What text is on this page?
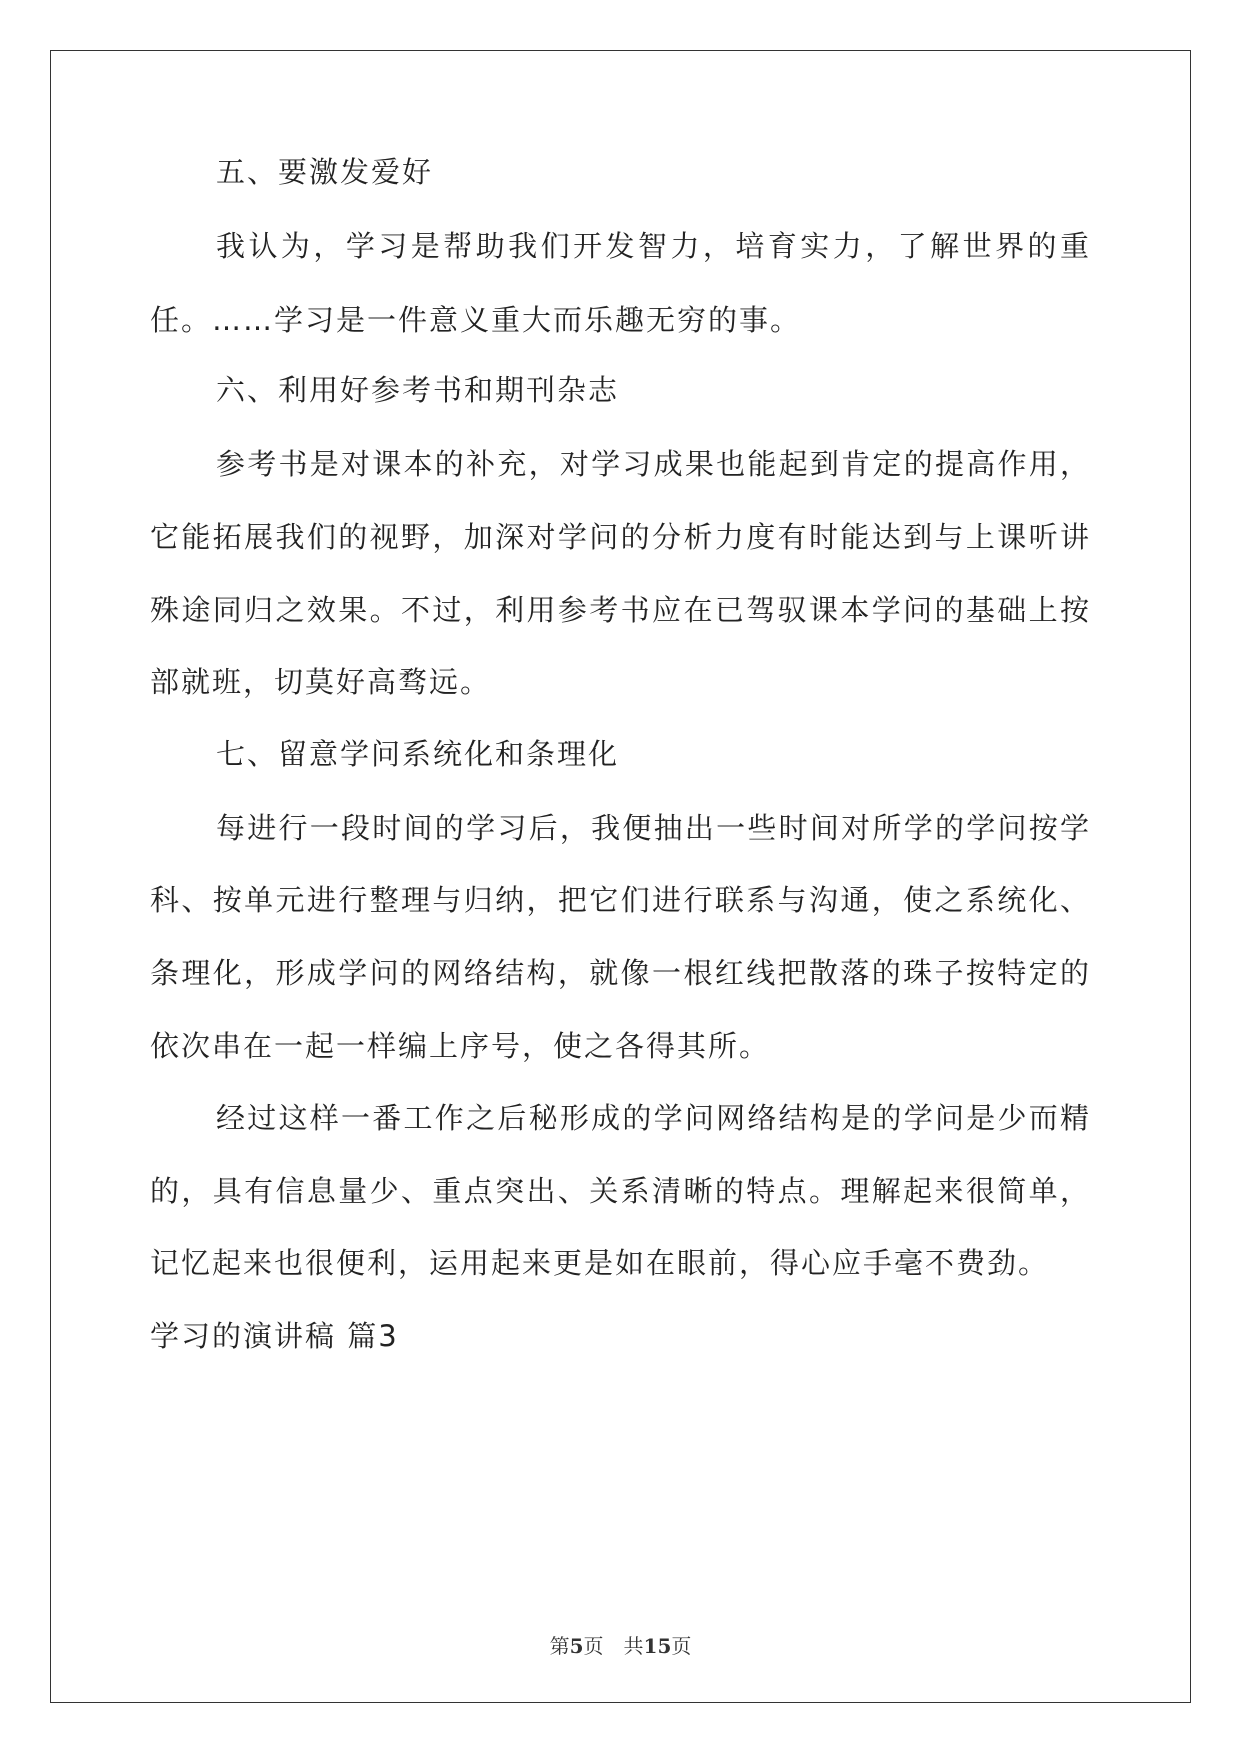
五、要激发爱好
我认为，学习是帮助我们开发智力，培育实力，了解世界的重
任。……学习是一件意义重大而乐趣无穷的事。
六、利用好参考书和期刊杂志
参考书是对课本的补充，对学习成果也能起到肯定的提高作用，
它能拓展我们的视野，加深对学问的分析力度有时能达到与上课听讲
殊途同归之效果。不过，利用参考书应在已驾驭课本学问的基础上按
部就班，切莫好高骛远。
七、留意学问系统化和条理化
每进行一段时间的学习后，我便抽出一些时间对所学的学问按学
科、按单元进行整理与归纳，把它们进行联系与沟通，使之系统化、
条理化，形成学问的网络结构，就像一根红线把散落的珠子按特定的
依次串在一起一样编上序号，使之各得其所。
经过这样一番工作之后秘形成的学问网络结构是的学问是少而精
的，具有信息量少、重点突出、关系清晰的特点。理解起来很简单，
记忆起来也很便利，运用起来更是如在眼前，得心应手毫不费劲。
学习的演讲稿 篇3
第5页　共15页
